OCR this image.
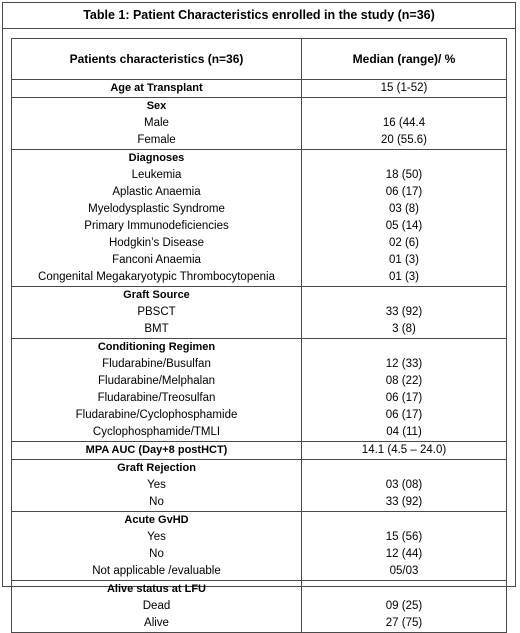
Table 1: Patient Characteristics enrolled in the study (n=36)
Patients characteristics (n=36)	Median (range)/ %
Age at Transplant	15 (1-52)
Sex	
Male	16 (44.4
Female	20 (55.6)
Diagnoses	
Leukemia	18 (50)
Aplastic Anaemia	06 (17)
Myelodysplastic Syndrome	03 (8)
Primary Immunodeficiencies	05 (14)
Hodgkin’s Disease	02 (6)
Fanconi Anaemia	01 (3)
Congenital Megakaryotypic Thrombocytopenia	01 (3)
Graft Source	
PBSCT	33 (92)
BMT	3 (8)
Conditioning Regimen	
Fludarabine/Busulfan	12 (33)
Fludarabine/Melphalan	08 (22)
Fludarabine/Treosulfan	06 (17)
Fludarabine/Cyclophosphamide	06 (17)
Cyclophosphamide/TMLI	04 (11)
MPA AUC (Day+8 postHCT)	14.1 (4.5 – 24.0)
Graft Rejection	
Yes	03 (08)
No	33 (92)
Acute GvHD	
Yes	15 (56)
No	12 (44)
Not applicable /evaluable	05/03
Alive status at LFU	
Dead	09 (25)
Alive	27 (75)
